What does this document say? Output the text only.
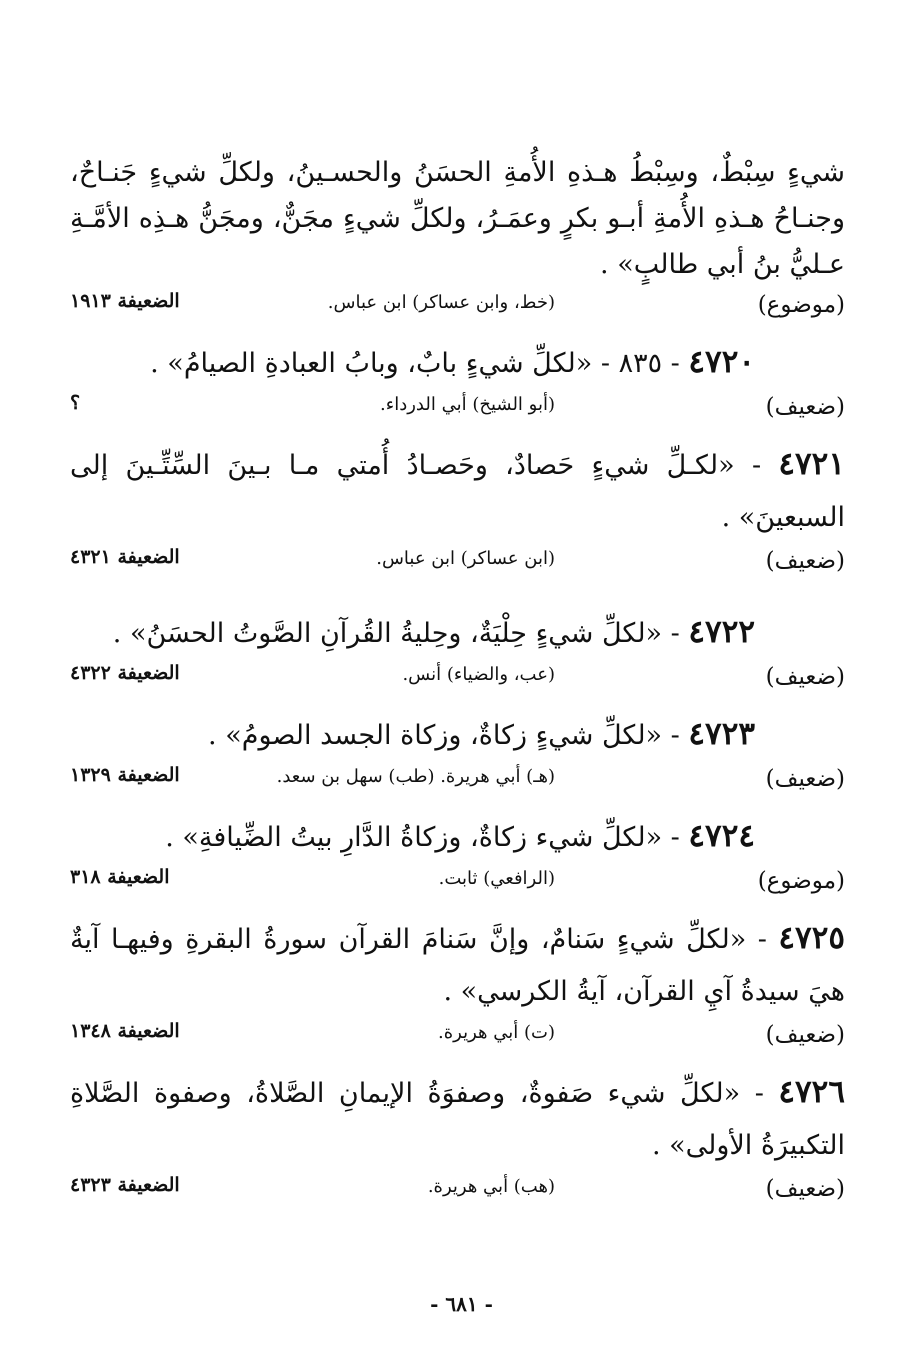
شيءٍ سِبْطٌ، وسِبْطُ هـذهِ الأُمةِ الحسَنُ والحسـينُ، ولكلِّ شيءٍ جَنـاحٌ، وجنـاحُ هـذهِ الأُمةِ أبـو بكرٍ وعمَـرُ، ولكلِّ شيءٍ مجَنٌّ، ومجَنُّ هـذِه الأمَّـةِ عـليُّ بنُ أبي طالبٍ» .
(موضوع)
(خط، وابن عساكر) ابن عباس.
الضعيفة ١٩١٣
٤٧٢٠ - ٨٣٥ - «لكلِّ شيءٍ بابٌ، وبابُ العبادةِ الصيامُ» .
(ضعيف)
(أبو الشيخ) أبي الدرداء.
؟
٤٧٢١ - «لكـلِّ شيءٍ حَصادٌ، وحَصـادُ أُمتي مـا بـينَ السِّتِّـينَ إلى السبعينَ» .
(ضعيف)
(ابن عساكر) ابن عباس.
الضعيفة ٤٣٢١
٤٧٢٢ - «لكلِّ شيءٍ حِلْيَةٌ، وحِليةُ القُرآنِ الصَّوتُ الحسَنُ» .
(ضعيف)
(عب، والضياء) أنس.
الضعيفة ٤٣٢٢
٤٧٢٣ - «لكلِّ شيءٍ زكاةٌ، وزكاة الجسد الصومُ» .
(ضعيف)
(هـ) أبي هريرة. (طب) سهل بن سعد.
الضعيفة ١٣٢٩
٤٧٢٤ - «لكلِّ شيء زكاةٌ، وزكاةُ الدَّارِ بيتُ الضِّيافةِ» .
(موضوع)
(الرافعي) ثابت.
الضعيفة ٣١٨
٤٧٢٥ - «لكلِّ شيءٍ سَنامٌ، وإنَّ سَنامَ القرآن سورةُ البقرةِ وفيهـا آيةٌ هيَ سيدةُ آيِ القرآن، آيةُ الكرسي» .
(ضعيف)
(ت) أبي هريرة.
الضعيفة ١٣٤٨
٤٧٢٦ - «لكلِّ شيء صَفوةٌ، وصفوَةُ الإيمانِ الصَّلاةُ، وصفوة الصَّلاةِ التكبيرَةُ الأولى» .
(ضعيف)
(هب) أبي هريرة.
الضعيفة ٤٣٢٣
- ٦٨١ -
